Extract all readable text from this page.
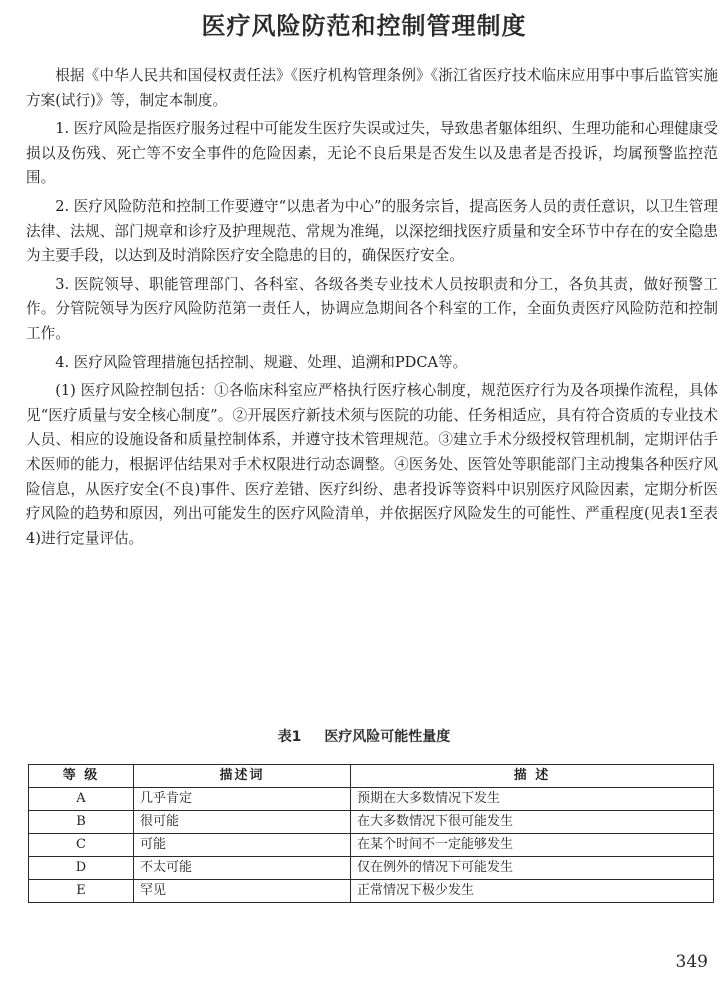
医疗风险防范和控制管理制度

根据《中华人民共和国侵权责任法》《医疗机构管理条例》《浙江省医疗技术临床应用事中事后监管实施方案(试行)》等，制定本制度。

1. 医疗风险是指医疗服务过程中可能发生医疗失误或过失，导致患者躯体组织、生理功能和心理健康受损以及伤残、死亡等不安全事件的危险因素，无论不良后果是否发生以及患者是否投诉，均属预警监控范围。

2. 医疗风险防范和控制工作要遵守“以患者为中心”的服务宗旨，提高医务人员的责任意识，以卫生管理法律、法规、部门规章和诊疗及护理规范、常规为准绳，以深挖细找医疗质量和安全环节中存在的安全隐患为主要手段，以达到及时消除医疗安全隐患的目的，确保医疗安全。

3. 医院领导、职能管理部门、各科室、各级各类专业技术人员按职责和分工，各负其责，做好预警工作。分管院领导为医疗风险防范第一责任人，协调应急期间各个科室的工作，全面负责医疗风险防范和控制工作。

4. 医疗风险管理措施包括控制、规避、处理、追溯和PDCA等。

(1) 医疗风险控制包括：①各临床科室应严格执行医疗核心制度，规范医疗行为及各项操作流程，具体见“医疗质量与安全核心制度”。②开展医疗新技术须与医院的功能、任务相适应，具有符合资质的专业技术人员、相应的设施设备和质量控制体系，并遵守技术管理规范。③建立手术分级授权管理机制，定期评估手术医师的能力，根据评估结果对手术权限进行动态调整。④医务处、医管处等职能部门主动搜集各种医疗风险信息，从医疗安全(不良)事件、医疗差错、医疗纠纷、患者投诉等资料中识别医疗风险因素，定期分析医疗风险的趋势和原因，列出可能发生的医疗风险清单，并依据医疗风险发生的可能性、严重程度(见表1至表4)进行定量评估。

表1 医疗风险可能性量度
等 级	描述词	描 述
A	几乎肯定	预期在大多数情况下发生
B	很可能	在大多数情况下很可能发生
C	可能	在某个时间不一定能够发生
D	不太可能	仅在例外的情况下可能发生
E	罕见	正常情况下极少发生
349
